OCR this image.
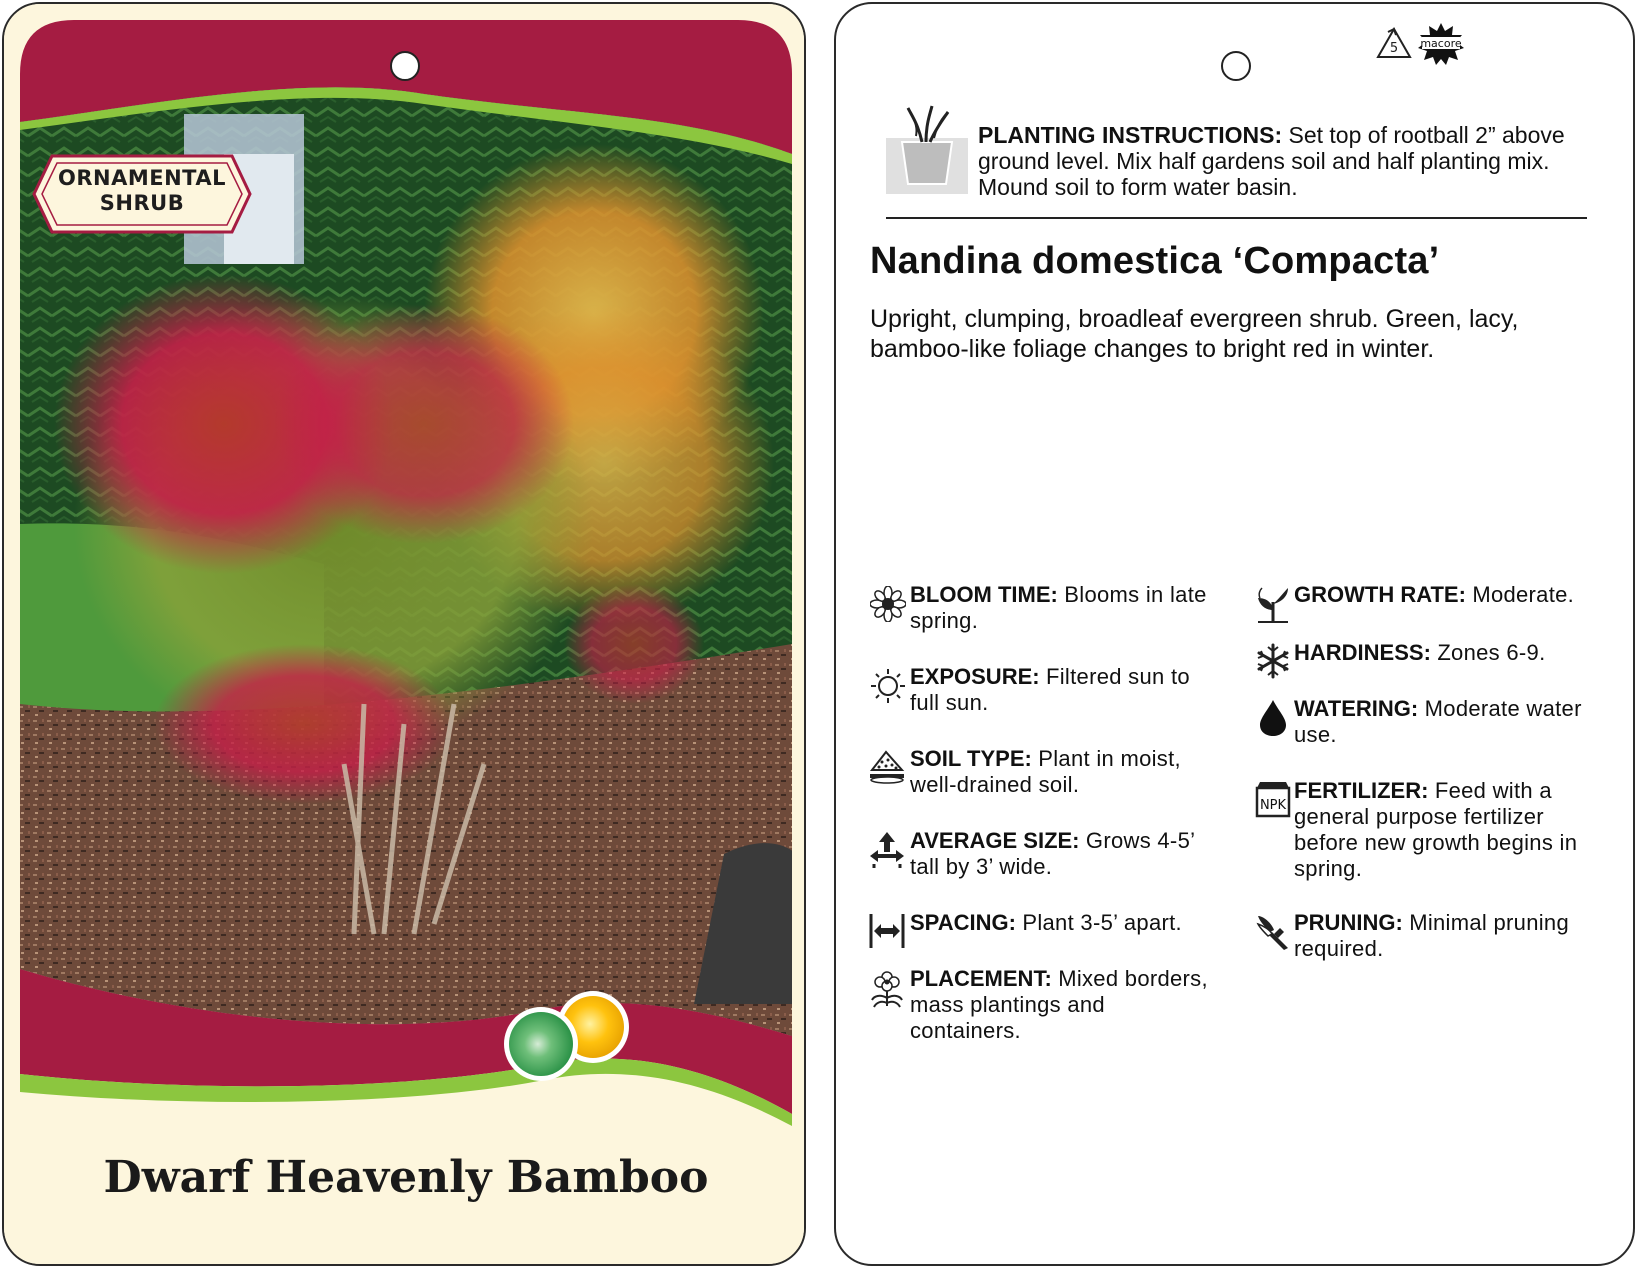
ORNAMENTAL
SHRUB
Dwarf Heavenly Bamboo
5 macore
PLANTING INSTRUCTIONS: Set top of rootball 2” above ground level. Mix half gardens soil and half planting mix. Mound soil to form water basin.
Nandina domestica ‘Compacta’
Upright, clumping, broadleaf evergreen shrub. Green, lacy, bamboo-like foliage changes to bright red in winter.
BLOOM TIME: Blooms in late spring.
EXPOSURE: Filtered sun to full sun.
SOIL TYPE: Plant in moist, well-drained soil.
AVERAGE SIZE: Grows 4-5’ tall by 3’ wide.
SPACING: Plant 3-5’ apart.
PLACEMENT: Mixed borders, mass plantings and containers.
GROWTH RATE: Moderate.
HARDINESS: Zones 6-9.
WATERING: Moderate water use.
NPK
FERTILIZER: Feed with a general purpose fertilizer before new growth begins in spring.
PRUNING: Minimal pruning required.
